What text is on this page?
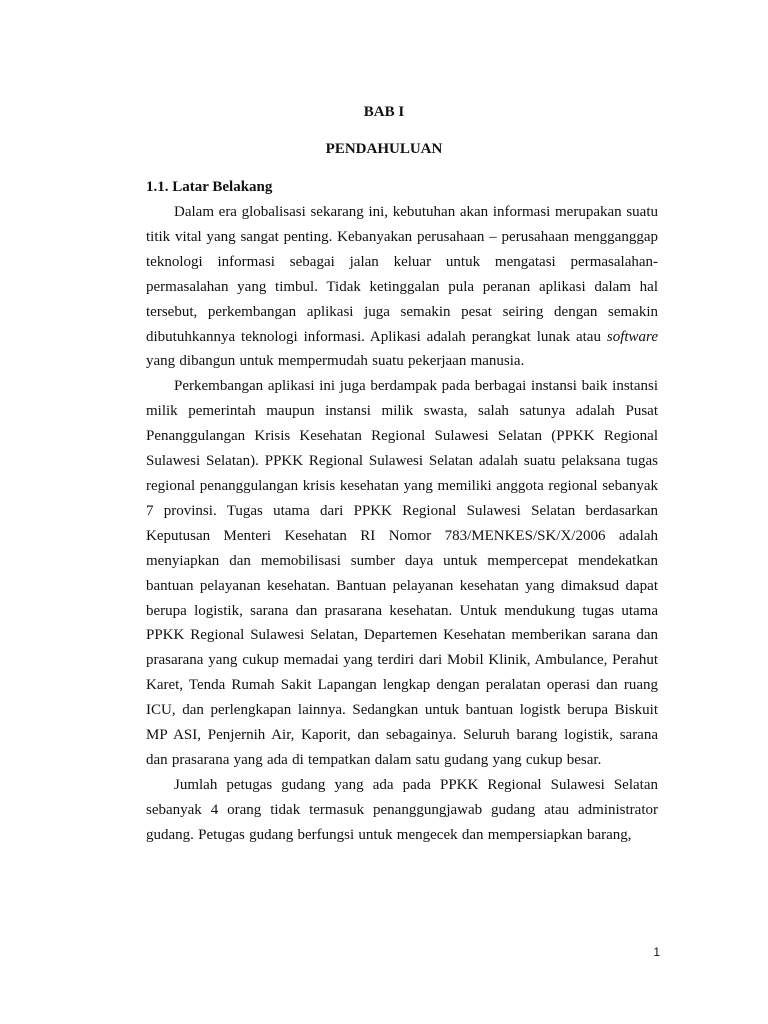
BAB I
PENDAHULUAN
1.1. Latar Belakang

Dalam era globalisasi sekarang ini, kebutuhan akan informasi merupakan suatu titik vital yang sangat penting. Kebanyakan perusahaan – perusahaan mengganggap teknologi informasi sebagai jalan keluar untuk mengatasi permasalahan-permasalahan yang timbul. Tidak ketinggalan pula peranan aplikasi dalam hal tersebut, perkembangan aplikasi juga semakin pesat seiring dengan semakin dibutuhkannya teknologi informasi. Aplikasi adalah perangkat lunak atau software yang dibangun untuk mempermudah suatu pekerjaan manusia.

Perkembangan aplikasi ini juga berdampak pada berbagai instansi baik instansi milik pemerintah maupun instansi milik swasta, salah satunya adalah Pusat Penanggulangan Krisis Kesehatan Regional Sulawesi Selatan (PPKK Regional Sulawesi Selatan). PPKK Regional Sulawesi Selatan adalah suatu pelaksana tugas regional penanggulangan krisis kesehatan yang memiliki anggota regional sebanyak 7 provinsi. Tugas utama dari PPKK Regional Sulawesi Selatan berdasarkan Keputusan Menteri Kesehatan RI Nomor 783/MENKES/SK/X/2006 adalah menyiapkan dan memobilisasi sumber daya untuk mempercepat mendekatkan bantuan pelayanan kesehatan. Bantuan pelayanan kesehatan yang dimaksud dapat berupa logistik, sarana dan prasarana kesehatan. Untuk mendukung tugas utama PPKK Regional Sulawesi Selatan, Departemen Kesehatan memberikan sarana dan prasarana yang cukup memadai yang terdiri dari Mobil Klinik, Ambulance, Perahut Karet, Tenda Rumah Sakit Lapangan lengkap dengan peralatan operasi dan ruang ICU, dan perlengkapan lainnya. Sedangkan untuk bantuan logistk berupa Biskuit MP ASI, Penjernih Air, Kaporit, dan sebagainya. Seluruh barang logistik, sarana dan prasarana yang ada di tempatkan dalam satu gudang yang cukup besar.

Jumlah petugas gudang yang ada pada PPKK Regional Sulawesi Selatan sebanyak 4 orang tidak termasuk penanggungjawab gudang atau administrator gudang. Petugas gudang berfungsi untuk mengecek dan mempersiapkan barang,

1
